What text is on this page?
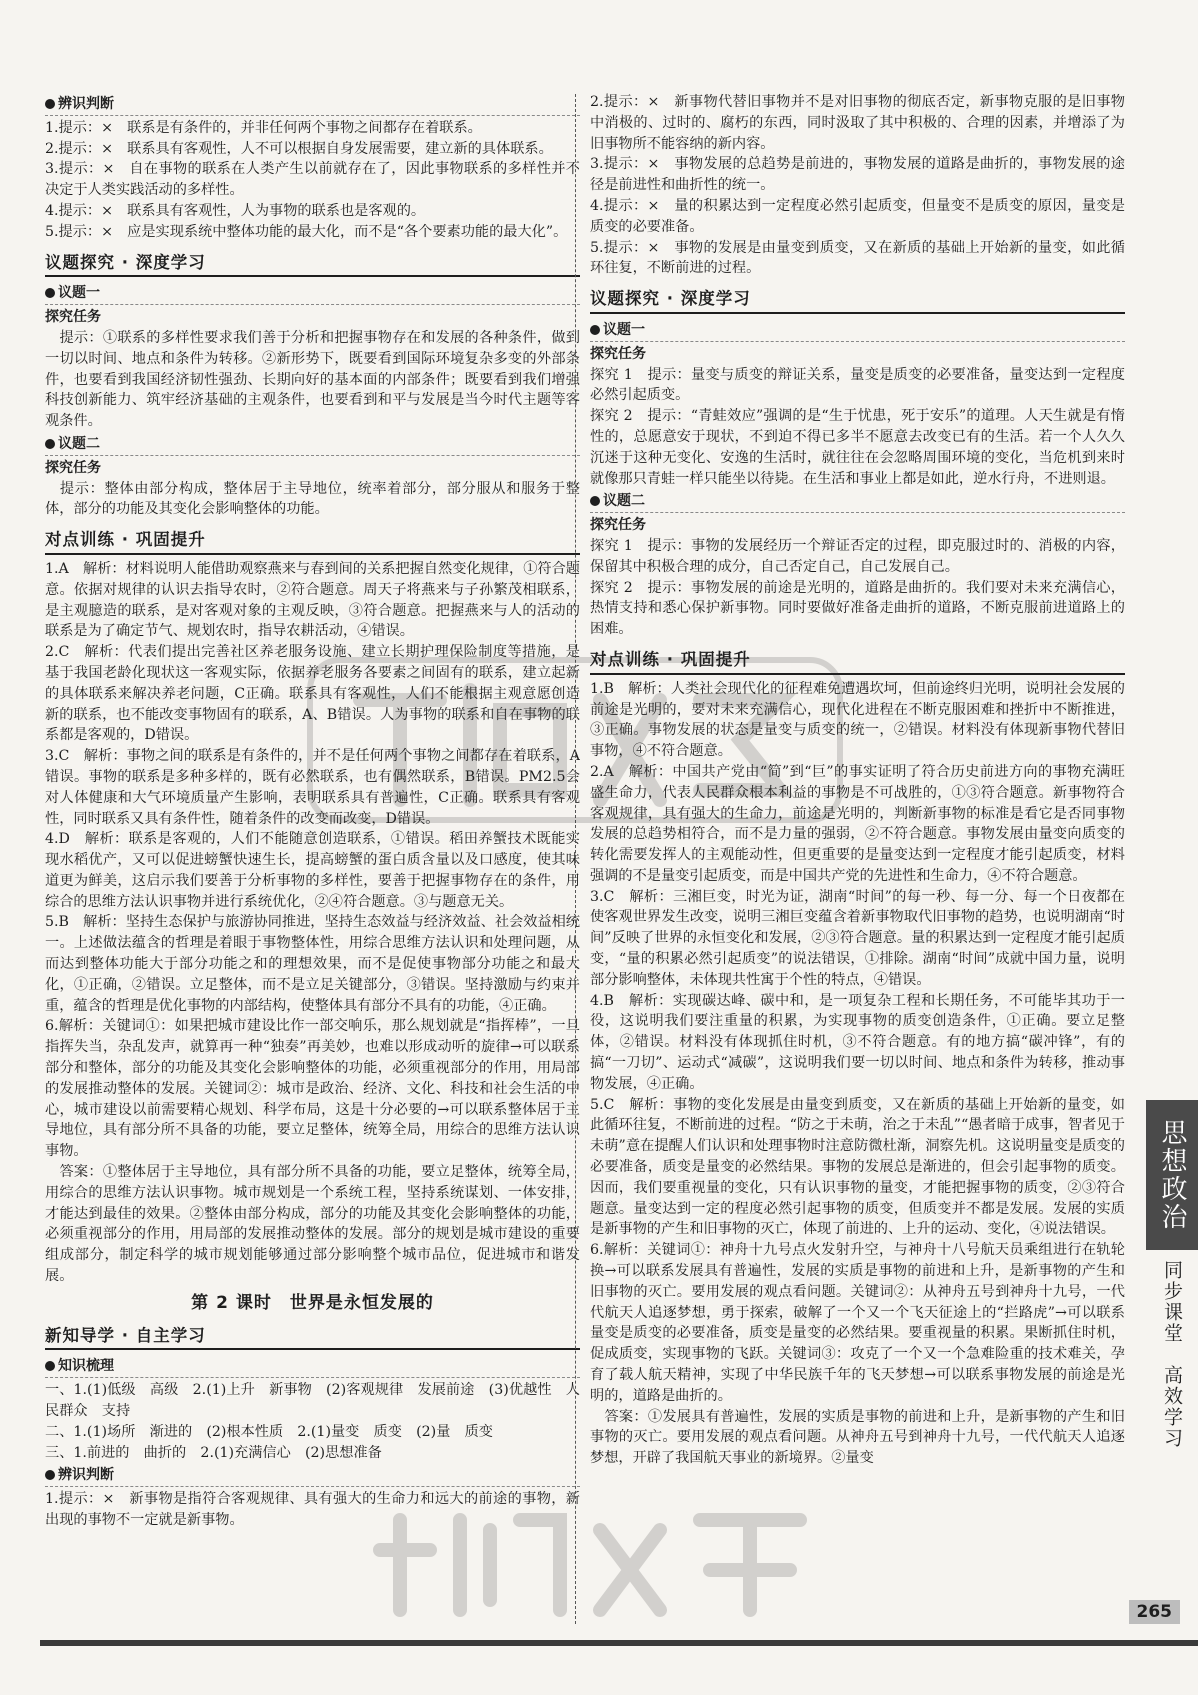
辨识判断

1.提示：×　联系是有条件的，并非任何两个事物之间都存在着联系。

2.提示：×　联系具有客观性，人不可以根据自身发展需要，建立新的具体联系。

3.提示：×　自在事物的联系在人类产生以前就存在了，因此事物联系的多样性并不决定于人类实践活动的多样性。

4.提示：×　联系具有客观性，人为事物的联系也是客观的。

5.提示：×　应是实现系统中整体功能的最大化，而不是“各个要素功能的最大化”。

议题探究 · 深度学习
议题一
探究任务

　提示：①联系的多样性要求我们善于分析和把握事物存在和发展的各种条件，做到一切以时间、地点和条件为转移。②新形势下，既要看到国际环境复杂多变的外部条件，也要看到我国经济韧性强劲、长期向好的基本面的内部条件；既要看到我们增强科技创新能力、筑牢经济基础的主观条件，也要看到和平与发展是当今时代主题等客观条件。

议题二
探究任务

　提示：整体由部分构成，整体居于主导地位，统率着部分，部分服从和服务于整体，部分的功能及其变化会影响整体的功能。

对点训练 · 巩固提升

1.A　解析：材料说明人能借助观察燕来与春到间的关系把握自然变化规律，①符合题意。依据对规律的认识去指导农时，②符合题意。周天子将燕来与子孙繁茂相联系，是主观臆造的联系，是对客观对象的主观反映，③符合题意。把握燕来与人的活动的联系是为了确定节气、规划农时，指导农耕活动，④错误。

2.C　解析：代表们提出完善社区养老服务设施、建立长期护理保险制度等措施，是基于我国老龄化现状这一客观实际，依据养老服务各要素之间固有的联系，建立起新的具体联系来解决养老问题，C正确。联系具有客观性，人们不能根据主观意愿创造新的联系，也不能改变事物固有的联系，A、B错误。人为事物的联系和自在事物的联系都是客观的，D错误。

3.C　解析：事物之间的联系是有条件的，并不是任何两个事物之间都存在着联系，A错误。事物的联系是多种多样的，既有必然联系，也有偶然联系，B错误。PM2.5会对人体健康和大气环境质量产生影响，表明联系具有普遍性，C正确。联系具有客观性，同时联系又具有条件性，随着条件的改变而改变，D错误。

4.D　解析：联系是客观的，人们不能随意创造联系，①错误。稻田养蟹技术既能实现水稻优产，又可以促进螃蟹快速生长，提高螃蟹的蛋白质含量以及口感度，使其味道更为鲜美，这启示我们要善于分析事物的多样性，要善于把握事物存在的条件，用综合的思维方法认识事物并进行系统优化，②④符合题意。③与题意无关。

5.B　解析：坚持生态保护与旅游协同推进，坚持生态效益与经济效益、社会效益相统一。上述做法蕴含的哲理是着眼于事物整体性，用综合思维方法认识和处理问题，从而达到整体功能大于部分功能之和的理想效果，而不是促使事物部分功能之和最大化，①正确，②错误。立足整体，而不是立足关键部分，③错误。坚持激励与约束并重，蕴含的哲理是优化事物的内部结构，使整体具有部分不具有的功能，④正确。

6.解析：关键词①：如果把城市建设比作一部交响乐，那么规划就是“指挥棒”，一旦指挥失当，杂乱发声，就算再一种“独奏”再美妙，也难以形成动听的旋律→可以联系部分和整体，部分的功能及其变化会影响整体的功能，必须重视部分的作用，用局部的发展推动整体的发展。关键词②：城市是政治、经济、文化、科技和社会生活的中心，城市建设以前需要精心规划、科学布局，这是十分必要的→可以联系整体居于主导地位，具有部分所不具备的功能，要立足整体，统筹全局，用综合的思维方法认识事物。

　答案：①整体居于主导地位，具有部分所不具备的功能，要立足整体，统筹全局，用综合的思维方法认识事物。城市规划是一个系统工程，坚持系统谋划、一体安排，才能达到最佳的效果。②整体由部分构成，部分的功能及其变化会影响整体的功能，必须重视部分的作用，用局部的发展推动整体的发展。部分的规划是城市建设的重要组成部分，制定科学的城市规划能够通过部分影响整个城市品位，促进城市和谐发展。

第 2 课时　世界是永恒发展的
新知导学 · 自主学习
知识梳理

一、1.(1)低级　高级　2.(1)上升　新事物　(2)客观规律　发展前途　(3)优越性　人民群众　支持

二、1.(1)场所　渐进的　(2)根本性质　2.(1)量变　质变　(2)量　质变

三、1.前进的　曲折的　2.(1)充满信心　(2)思想准备

辨识判断

1.提示：×　新事物是指符合客观规律、具有强大的生命力和远大的前途的事物，新出现的事物不一定就是新事物。

2.提示：×　新事物代替旧事物并不是对旧事物的彻底否定，新事物克服的是旧事物中消极的、过时的、腐朽的东西，同时汲取了其中积极的、合理的因素，并增添了为旧事物所不能容纳的新内容。

3.提示：×　事物发展的总趋势是前进的，事物发展的道路是曲折的，事物发展的途径是前进性和曲折性的统一。

4.提示：×　量的积累达到一定程度必然引起质变，但量变不是质变的原因，量变是质变的必要准备。

5.提示：×　事物的发展是由量变到质变，又在新质的基础上开始新的量变，如此循环往复，不断前进的过程。

议题探究 · 深度学习
议题一
探究任务

探究 1　提示：量变与质变的辩证关系，量变是质变的必要准备，量变达到一定程度必然引起质变。

探究 2　提示：“青蛙效应”强调的是“生于忧患，死于安乐”的道理。人天生就是有惰性的，总愿意安于现状，不到迫不得已多半不愿意去改变已有的生活。若一个人久久沉迷于这种无变化、安逸的生活时，就往往在会忽略周围环境的变化，当危机到来时就像那只青蛙一样只能坐以待毙。在生活和事业上都是如此，逆水行舟，不进则退。

议题二
探究任务

探究 1　提示：事物的发展经历一个辩证否定的过程，即克服过时的、消极的内容，保留其中积极合理的成分，自己否定自己，自己发展自己。

探究 2　提示：事物发展的前途是光明的，道路是曲折的。我们要对未来充满信心，热情支持和悉心保护新事物。同时要做好准备走曲折的道路，不断克服前进道路上的困难。

对点训练 · 巩固提升

1.B　解析：人类社会现代化的征程难免遭遇坎坷，但前途终归光明，说明社会发展的前途是光明的，要对未来充满信心，现代化进程在不断克服困难和挫折中不断推进，③正确。事物发展的状态是量变与质变的统一，②错误。材料没有体现新事物代替旧事物，④不符合题意。

2.A　解析：中国共产党由“简”到“巨”的事实证明了符合历史前进方向的事物充满旺盛生命力，代表人民群众根本利益的事物是不可战胜的，①③符合题意。新事物符合客观规律，具有强大的生命力，前途是光明的，判断新事物的标准是看它是否同事物发展的总趋势相符合，而不是力量的强弱，②不符合题意。事物发展由量变向质变的转化需要发挥人的主观能动性，但更重要的是量变达到一定程度才能引起质变，材料强调的不是量变引起质变，而是中国共产党的先进性和生命力，④不符合题意。

3.C　解析：三湘巨变，时光为证，湖南“时间”的每一秒、每一分、每一个日夜都在使客观世界发生改变，说明三湘巨变蕴含着新事物取代旧事物的趋势，也说明湖南“时间”反映了世界的永恒变化和发展，②③符合题意。量的积累达到一定程度才能引起质变，“量的积累必然引起质变”的说法错误，①排除。湖南“时间”成就中国力量，说明部分影响整体，未体现共性寓于个性的特点，④错误。

4.B　解析：实现碳达峰、碳中和，是一项复杂工程和长期任务，不可能毕其功于一役，这说明我们要注重量的积累，为实现事物的质变创造条件，①正确。要立足整体，②错误。材料没有体现抓住时机，③不符合题意。有的地方搞“碳冲锋”，有的搞“一刀切”、运动式“减碳”，这说明我们要一切以时间、地点和条件为转移，推动事物发展，④正确。

5.C　解析：事物的变化发展是由量变到质变，又在新质的基础上开始新的量变，如此循环往复，不断前进的过程。“防之于未萌，治之于未乱”“愚者暗于成事，智者见于未萌”意在提醒人们认识和处理事物时注意防微杜渐，洞察先机。这说明量变是质变的必要准备，质变是量变的必然结果。事物的发展总是渐进的，但会引起事物的质变。因而，我们要重视量的变化，只有认识事物的量变，才能把握事物的质变，②③符合题意。量变达到一定的程度必然引起事物的质变，但质变并不都是发展。发展的实质是新事物的产生和旧事物的灭亡，体现了前进的、上升的运动、变化，④说法错误。

6.解析：关键词①：神舟十九号点火发射升空，与神舟十八号航天员乘组进行在轨轮换→可以联系发展具有普遍性，发展的实质是事物的前进和上升，是新事物的产生和旧事物的灭亡。要用发展的观点看问题。关键词②：从神舟五号到神舟十九号，一代代航天人追逐梦想，勇于探索，破解了一个又一个飞天征途上的“拦路虎”→可以联系量变是质变的必要准备，质变是量变的必然结果。要重视量的积累。果断抓住时机，促成质变，实现事物的飞跃。关键词③：攻克了一个又一个急难险重的技术难关，孕育了载人航天精神，实现了中华民族千年的飞天梦想→可以联系事物发展的前途是光明的，道路是曲折的。

　答案：①发展具有普遍性，发展的实质是事物的前进和上升，是新事物的产生和旧事物的灭亡。要用发展的观点看问题。从神舟五号到神舟十九号，一代代航天人追逐梦想，开辟了我国航天事业的新境界。②量变

思想政治
同步课堂　高效学习
265
